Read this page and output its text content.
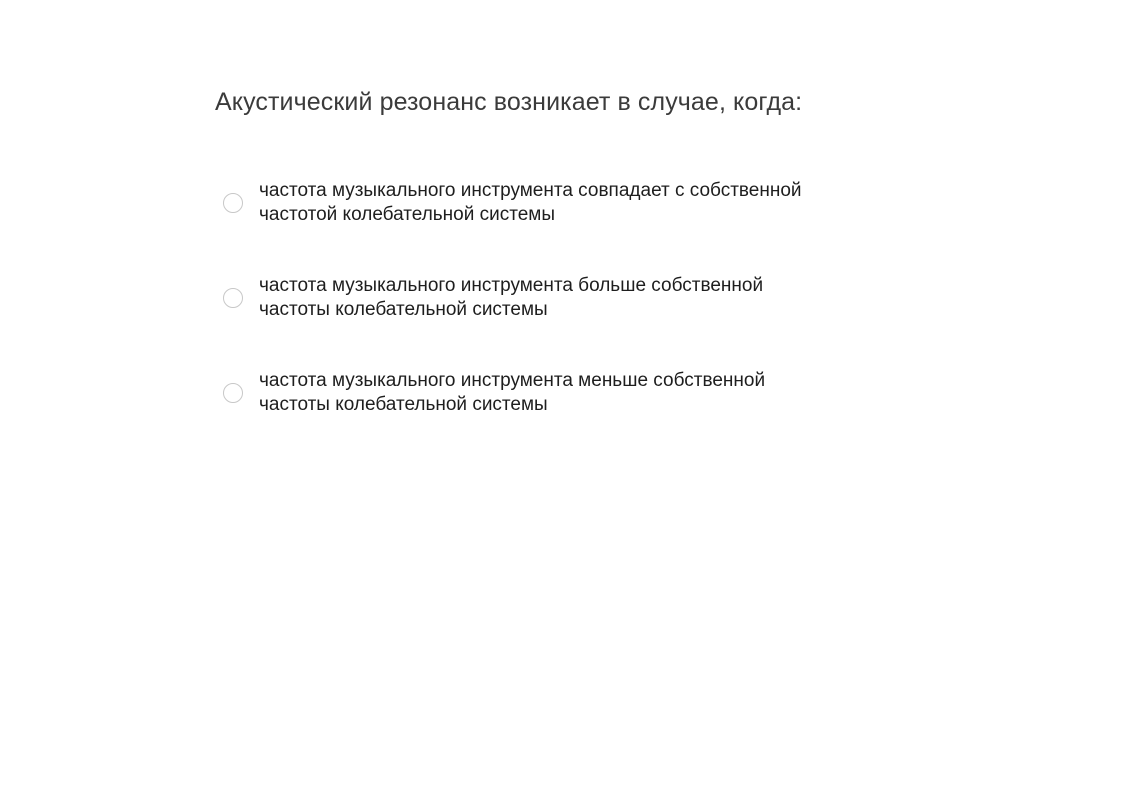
Акустический резонанс возникает в случае, когда:

частота музыкального инструмента совпадает с собственной частотой колебательной системы
частота музыкального инструмента больше собственной частоты колебательной системы
частота музыкального инструмента меньше собственной частоты колебательной системы
